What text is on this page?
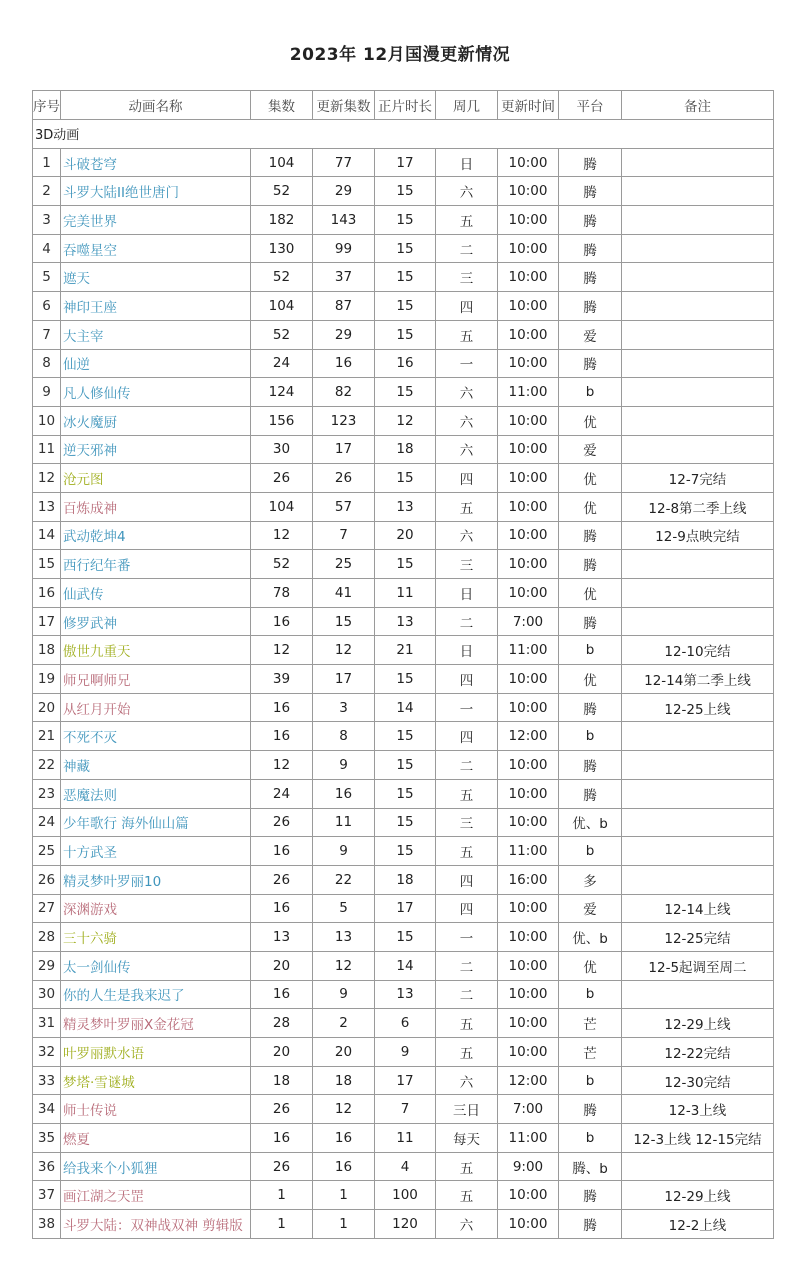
2023年 12月国漫更新情况
序号	动画名称	集数	更新集数	正片时长	周几	更新时间	平台	备注
3D动画								
1	斗破苍穹	104	77	17	日	10:00	腾	
2	斗罗大陆II绝世唐门	52	29	15	六	10:00	腾	
3	完美世界	182	143	15	五	10:00	腾	
4	吞噬星空	130	99	15	二	10:00	腾	
5	遮天	52	37	15	三	10:00	腾	
6	神印王座	104	87	15	四	10:00	腾	
7	大主宰	52	29	15	五	10:00	爱	
8	仙逆	24	16	16	一	10:00	腾	
9	凡人修仙传	124	82	15	六	11:00	b	
10	冰火魔厨	156	123	12	六	10:00	优	
11	逆天邪神	30	17	18	六	10:00	爱	
12	沧元图	26	26	15	四	10:00	优	12-7完结
13	百炼成神	104	57	13	五	10:00	优	12-8第二季上线
14	武动乾坤4	12	7	20	六	10:00	腾	12-9点映完结
15	西行纪年番	52	25	15	三	10:00	腾	
16	仙武传	78	41	11	日	10:00	优	
17	修罗武神	16	15	13	二	7:00	腾	
18	傲世九重天	12	12	21	日	11:00	b	12-10完结
19	师兄啊师兄	39	17	15	四	10:00	优	12-14第二季上线
20	从红月开始	16	3	14	一	10:00	腾	12-25上线
21	不死不灭	16	8	15	四	12:00	b	
22	神藏	12	9	15	二	10:00	腾	
23	恶魔法则	24	16	15	五	10:00	腾	
24	少年歌行 海外仙山篇	26	11	15	三	10:00	优、b	
25	十方武圣	16	9	15	五	11:00	b	
26	精灵梦叶罗丽10	26	22	18	四	16:00	多	
27	深渊游戏	16	5	17	四	10:00	爱	12-14上线
28	三十六骑	13	13	15	一	10:00	优、b	12-25完结
29	太一剑仙传	20	12	14	二	10:00	优	12-5起调至周二
30	你的人生是我来迟了	16	9	13	二	10:00	b	
31	精灵梦叶罗丽X金花冠	28	2	6	五	10:00	芒	12-29上线
32	叶罗丽默水语	20	20	9	五	10:00	芒	12-22完结
33	梦塔·雪谜城	18	18	17	六	12:00	b	12-30完结
34	师士传说	26	12	7	三日	7:00	腾	12-3上线
35	燃夏	16	16	11	每天	11:00	b	12-3上线 12-15完结
36	给我来个小狐狸	26	16	4	五	9:00	腾、b	
37	画江湖之天罡	1	1	100	五	10:00	腾	12-29上线
38	斗罗大陆：双神战双神 剪辑版	1	1	120	六	10:00	腾	12-2上线
